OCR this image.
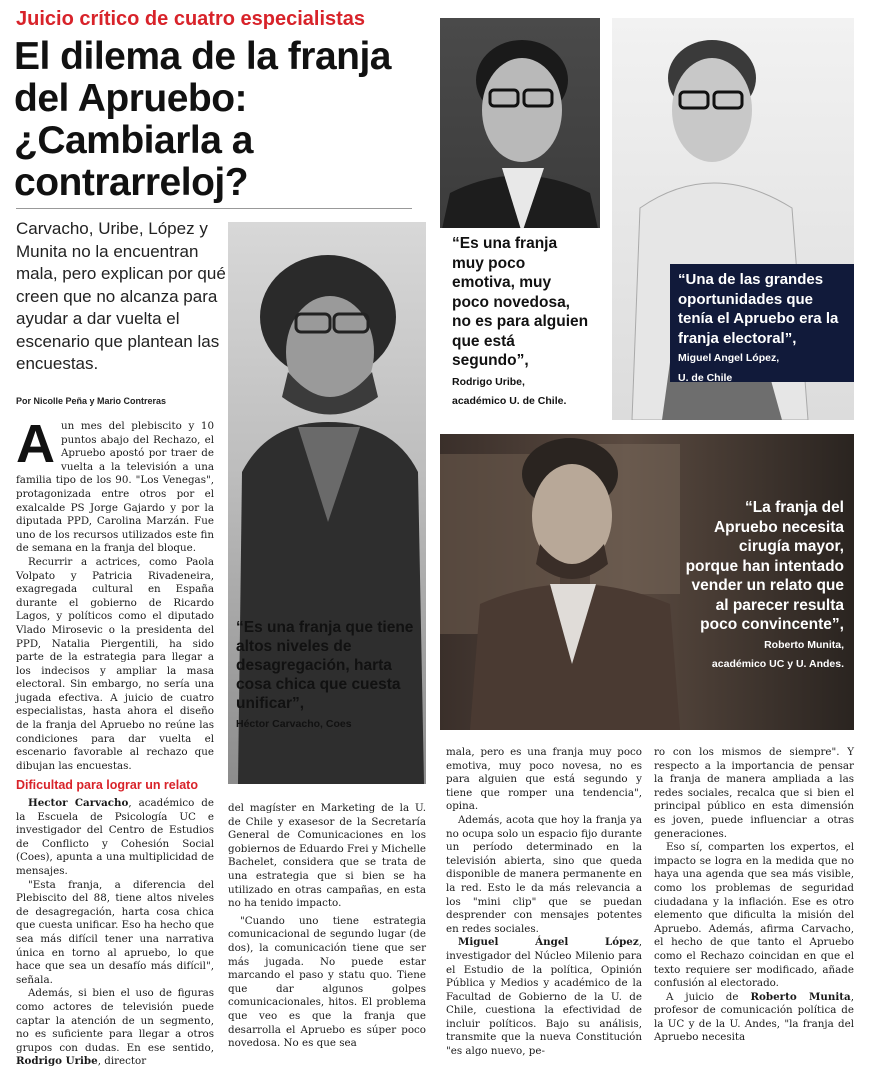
Juicio crítico de cuatro especialistas
El dilema de la franja del Apruebo: ¿Cambiarla a contrarreloj?
Carvacho, Uribe, López y Munita no la encuentran mala, pero explican por qué creen que no alcanza para ayudar a dar vuelta el escenario que plantean las encuestas.
Por Nicolle Peña y Mario Contreras
A un mes del plebiscito y 10 puntos abajo del Rechazo, el Apruebo apostó por traer de vuelta a la televisión a una familia tipo de los 90. "Los Venegas", protagonizada entre otros por el exalcalde PS Jorge Gajardo y por la diputada PPD, Carolina Marzán. Fue uno de los recursos utilizados este fin de semana en la franja del bloque.

Recurrir a actrices, como Paola Volpato y Patricia Rivadeneira, exagregada cultural en España durante el gobierno de Ricardo Lagos, y políticos como el diputado Vlado Mirosevic o la presidenta del PPD, Natalia Piergentili, ha sido parte de la estrategia para llegar a los indecisos y ampliar la masa electoral. Sin embargo, no sería una jugada efectiva. A juicio de cuatro especialistas, hasta ahora el diseño de la franja del Apruebo no reúne las condiciones para dar vuelta el escenario favorable al rechazo que dibujan las encuestas.

Dificultad para lograr un relato

Hector Carvacho, académico de la Escuela de Psicología UC e investigador del Centro de Estudios de Conflicto y Cohesión Social (Coes), apunta a una multiplicidad de mensajes.

"Esta franja, a diferencia del Plebiscito del 88, tiene altos niveles de desagregación, harta cosa chica que cuesta unificar. Eso ha hecho que sea más difícil tener una narrativa única en torno al apruebo, lo que hace que sea un desafío más difícil", señala.

Además, si bien el uso de figuras como actores de televisión puede captar la atención de un segmento, no es suficiente para llegar a otros grupos con dudas. En ese sentido, Rodrigo Uribe, director

“Es una franja que tiene altos niveles de desagregación, harta cosa chica que cuesta unificar”,
Héctor Carvacho, Coes
“Es una franja muy poco emotiva, muy poco novedosa, no es para alguien que está segundo”,
Rodrigo Uribe,
académico U. de Chile.
“Una de las grandes oportunidades que tenía el Apruebo era la franja electoral”,
Miguel Angel López,
U. de Chile
“La franja del Apruebo necesita cirugía mayor, porque han intentado vender un relato que al parecer resulta poco convincente”,
Roberto Munita,
académico UC y U. Andes.

del magíster en Marketing de la U. de Chile y exasesor de la Secretaría General de Comunicaciones en los gobiernos de Eduardo Frei y Michelle Bachelet, considera que se trata de una estrategia que si bien se ha utilizado en otras campañas, en esta no ha tenido impacto.

"Cuando uno tiene estrategia comunicacional de segundo lugar (de dos), la comunicación tiene que ser más jugada. No puede estar marcando el paso y statu quo. Tiene que dar algunos golpes comunicacionales, hitos. El problema que veo es que la franja que desarrolla el Apruebo es súper poco novedosa. No es que sea

mala, pero es una franja muy poco emotiva, muy poco novesa, no es para alguien que está segundo y tiene que romper una tendencia", opina.

Además, acota que hoy la franja ya no ocupa solo un espacio fijo durante un período determinado en la televisión abierta, sino que queda disponible de manera permanente en la red. Esto le da más relevancia a los "mini clip" que se puedan desprender con mensajes potentes en redes sociales.

Miguel Ángel López, investigador del Núcleo Milenio para el Estudio de la política, Opinión Pública y Medios y académico de la Facultad de Gobierno de la U. de Chile, cuestiona la efectividad de incluir políticos. Bajo su análisis, transmite que la nueva Constitución "es algo nuevo, pe-

ro con los mismos de siempre". Y respecto a la importancia de pensar la franja de manera ampliada a las redes sociales, recalca que si bien el principal público en esta dimensión es joven, puede influenciar a otras generaciones.

Eso sí, comparten los expertos, el impacto se logra en la medida que no haya una agenda que sea más visible, como los problemas de seguridad ciudadana y la inflación. Ese es otro elemento que dificulta la misión del Apruebo. Además, afirma Carvacho, el hecho de que tanto el Apruebo como el Rechazo coincidan en que el texto requiere ser modificado, añade confusión al electorado.

A juicio de Roberto Munita, profesor de comunicación política de la UC y de la U. Andes, "la franja del Apruebo necesita
